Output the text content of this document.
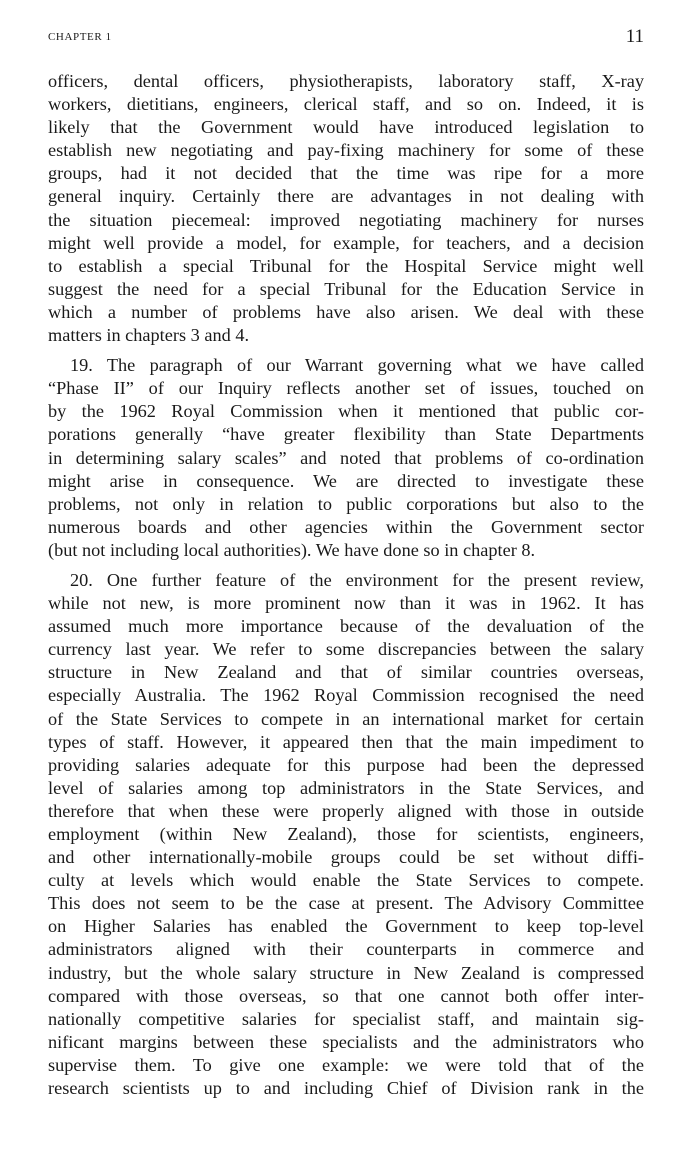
CHAPTER 1	11
officers, dental officers, physiotherapists, laboratory staff, X-ray
workers, dietitians, engineers, clerical staff, and so on. Indeed, it is
likely that the Government would have introduced legislation to
establish new negotiating and pay-fixing machinery for some of these
groups, had it not decided that the time was ripe for a more
general inquiry. Certainly there are advantages in not dealing with
the situation piecemeal: improved negotiating machinery for nurses
might well provide a model, for example, for teachers, and a decision
to establish a special Tribunal for the Hospital Service might well
suggest the need for a special Tribunal for the Education Service in
which a number of problems have also arisen. We deal with these
matters in chapters 3 and 4.
19. The paragraph of our Warrant governing what we have called
“Phase II” of our Inquiry reflects another set of issues, touched on
by the 1962 Royal Commission when it mentioned that public cor-
porations generally “have greater flexibility than State Departments
in determining salary scales” and noted that problems of co-ordination
might arise in consequence. We are directed to investigate these
problems, not only in relation to public corporations but also to the
numerous boards and other agencies within the Government sector
(but not including local authorities). We have done so in chapter 8.
20. One further feature of the environment for the present review,
while not new, is more prominent now than it was in 1962. It has
assumed much more importance because of the devaluation of the
currency last year. We refer to some discrepancies between the salary
structure in New Zealand and that of similar countries overseas,
especially Australia. The 1962 Royal Commission recognised the need
of the State Services to compete in an international market for certain
types of staff. However, it appeared then that the main impediment to
providing salaries adequate for this purpose had been the depressed
level of salaries among top administrators in the State Services, and
therefore that when these were properly aligned with those in outside
employment (within New Zealand), those for scientists, engineers,
and other internationally-mobile groups could be set without diffi-
culty at levels which would enable the State Services to compete.
This does not seem to be the case at present. The Advisory Committee
on Higher Salaries has enabled the Government to keep top-level
administrators aligned with their counterparts in commerce and
industry, but the whole salary structure in New Zealand is compressed
compared with those overseas, so that one cannot both offer inter-
nationally competitive salaries for specialist staff, and maintain sig-
nificant margins between these specialists and the administrators who
supervise them. To give one example: we were told that of the
research scientists up to and including Chief of Division rank in the
